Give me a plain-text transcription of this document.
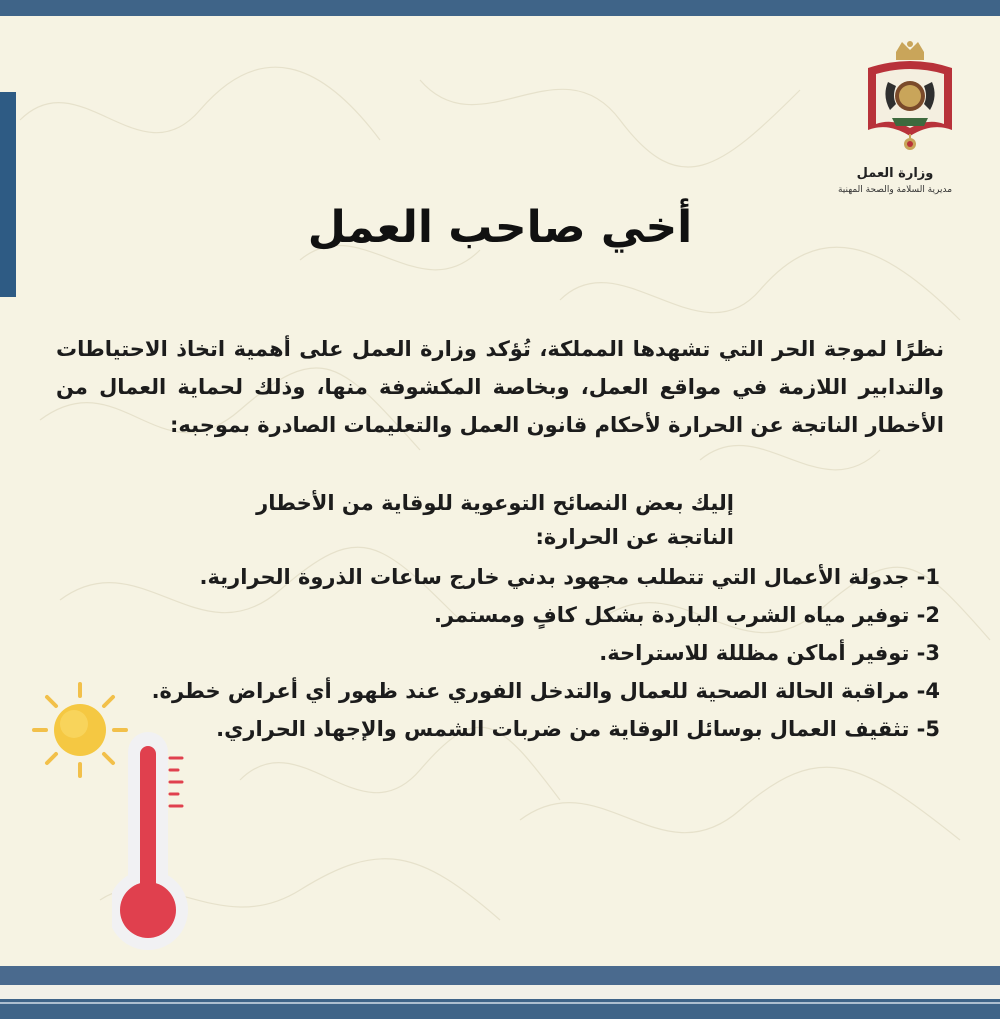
وزارة العمل
مديرية السلامة والصحة المهنية
أخي صاحب العمل

نظرًا لموجة الحر التي تشهدها المملكة، تُؤكد وزارة العمل على أهمية اتخاذ الاحتياطات والتدابير اللازمة في مواقع العمل، وبخاصة المكشوفة منها، وذلك لحماية العمال من الأخطار الناتجة عن الحرارة لأحكام قانون العمل والتعليمات الصادرة بموجبه:

إليك بعض النصائح التوعوية للوقاية من الأخطار الناتجة عن الحرارة:

1- جدولة الأعمال التي تتطلب مجهود بدني خارج ساعات الذروة الحرارية.
2- توفير مياه الشرب الباردة بشكل كافٍ ومستمر.
3- توفير أماكن مظللة للاستراحة.
4- مراقبة الحالة الصحية للعمال والتدخل الفوري عند ظهور أي أعراض خطرة.
5- تثقيف العمال بوسائل الوقاية من ضربات الشمس والإجهاد الحراري.
